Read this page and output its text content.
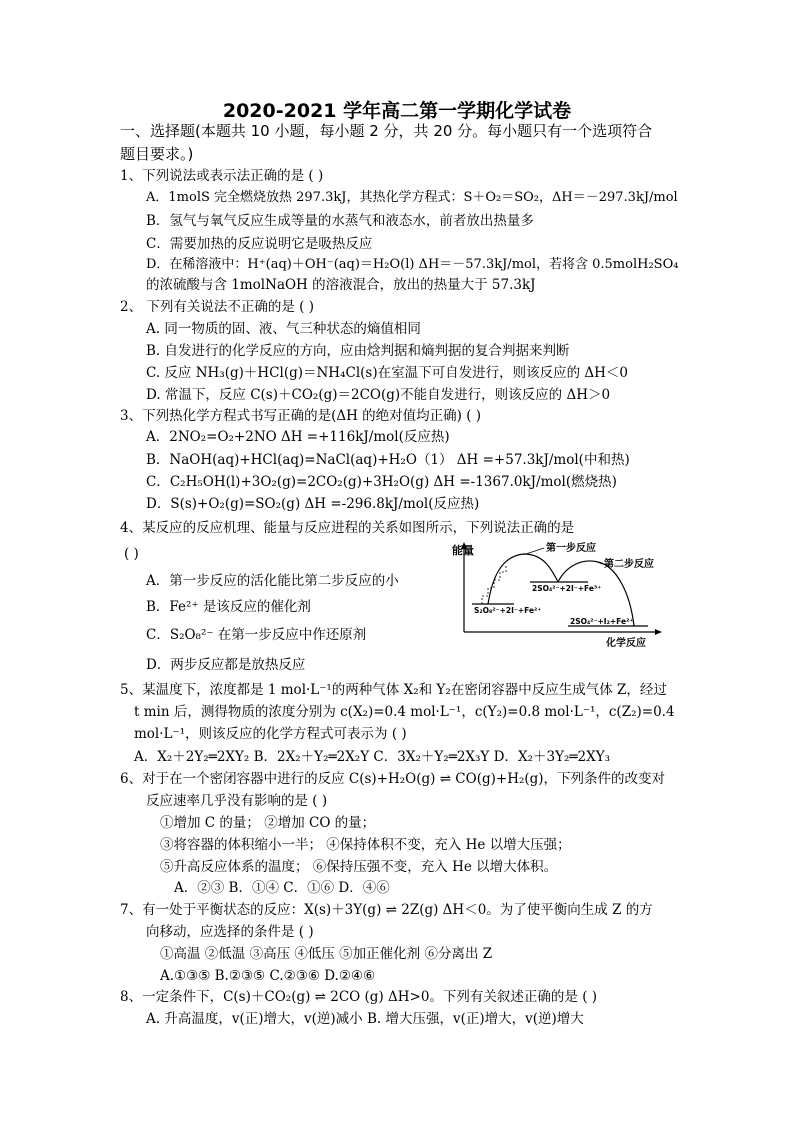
2020-2021 学年高二第一学期化学试卷
一、选择题(本题共 10 小题，每小题 2 分，共 20 分。每小题只有一个选项符合
题目要求。)
1、下列说法或表示法正确的是 ( )
A．1molS 完全燃烧放热 297.3kJ，其热化学方程式：S＋O₂＝SO₂，ΔH＝－297.3kJ/mol
B．氢气与氧气反应生成等量的水蒸气和液态水，前者放出热量多
C．需要加热的反应说明它是吸热反应
D．在稀溶液中：H⁺(aq)＋OH⁻(aq)＝H₂O(l) ΔH＝－57.3kJ/mol，若将含 0.5molH₂SO₄
的浓硫酸与含 1molNaOH 的溶液混合，放出的热量大于 57.3kJ
2、 下列有关说法不正确的是 ( )
A. 同一物质的固、液、气三种状态的熵值相同
B. 自发进行的化学反应的方向，应由焓判据和熵判据的复合判据来判断
C. 反应 NH₃(g)＋HCl(g)＝NH₄Cl(s)在室温下可自发进行，则该反应的 ΔH＜0
D. 常温下，反应 C(s)＋CO₂(g)＝2CO(g)不能自发进行，则该反应的 ΔH＞0
3、下列热化学方程式书写正确的是(ΔH 的绝对值均正确) ( )
A．2NO₂=O₂+2NO ΔH =+116kJ/mol(反应热)
B．NaOH(aq)+HCl(aq)=NaCl(aq)+H₂O（1） ΔH =+57.3kJ/mol(中和热)
C．C₂H₅OH(l)+3O₂(g)=2CO₂(g)+3H₂O(g) ΔH =-1367.0kJ/mol(燃烧热)
D．S(s)+O₂(g)=SO₂(g) ΔH =-296.8kJ/mol(反应热)
4、某反应的反应机理、能量与反应进程的关系如图所示，下列说法正确的是
( )
A．第一步反应的活化能比第二步反应的小
B．Fe²⁺ 是该反应的催化剂
C．S₂O₈²⁻ 在第一步反应中作还原剂
D．两步反应都是放热反应
能量	第一步反应
第二步反应
2SO₄²⁻+2I⁻+Fe³⁺
S₂O₈²⁻+2I⁻+Fe²⁺
2SO₄²⁻+I₂+Fe²⁺
化学反应
5、某温度下，浓度都是 1 mol·L⁻¹的两种气体 X₂和 Y₂在密闭容器中反应生成气体 Z，经过
t min 后，测得物质的浓度分别为 c(X₂)=0.4 mol·L⁻¹，c(Y₂)=0.8 mol·L⁻¹，c(Z₂)=0.4
mol·L⁻¹，则该反应的化学方程式可表示为 ( )
A．X₂＋2Y₂═2XY₂ B．2X₂＋Y₂═2X₂Y C．3X₂＋Y₂═2X₃Y D．X₂＋3Y₂═2XY₃
6、对于在一个密闭容器中进行的反应 C(s)+H₂O(g) ⇌ CO(g)+H₂(g)，下列条件的改变对
反应速率几乎没有影响的是 ( )
①增加 C 的量； ②增加 CO 的量；
③将容器的体积缩小一半； ④保持体积不变，充入 He 以增大压强；
⑤升高反应体系的温度； ⑥保持压强不变，充入 He 以增大体积。
A．②③ B．①④ C．①⑥ D．④⑥
7、有一处于平衡状态的反应：X(s)＋3Y(g) ⇌ 2Z(g) ΔH＜0。为了使平衡向生成 Z 的方
向移动，应选择的条件是 ( )
①高温 ②低温 ③高压 ④低压 ⑤加正催化剂 ⑥分离出 Z
A.①③⑤ B.②③⑤ C.②③⑥ D.②④⑥
8、一定条件下，C(s)＋CO₂(g) ⇌ 2CO (g) ΔH>0。下列有关叙述正确的是 ( )
A. 升高温度，v(正)增大，v(逆)减小 B. 增大压强，v(正)增大，v(逆)增大
